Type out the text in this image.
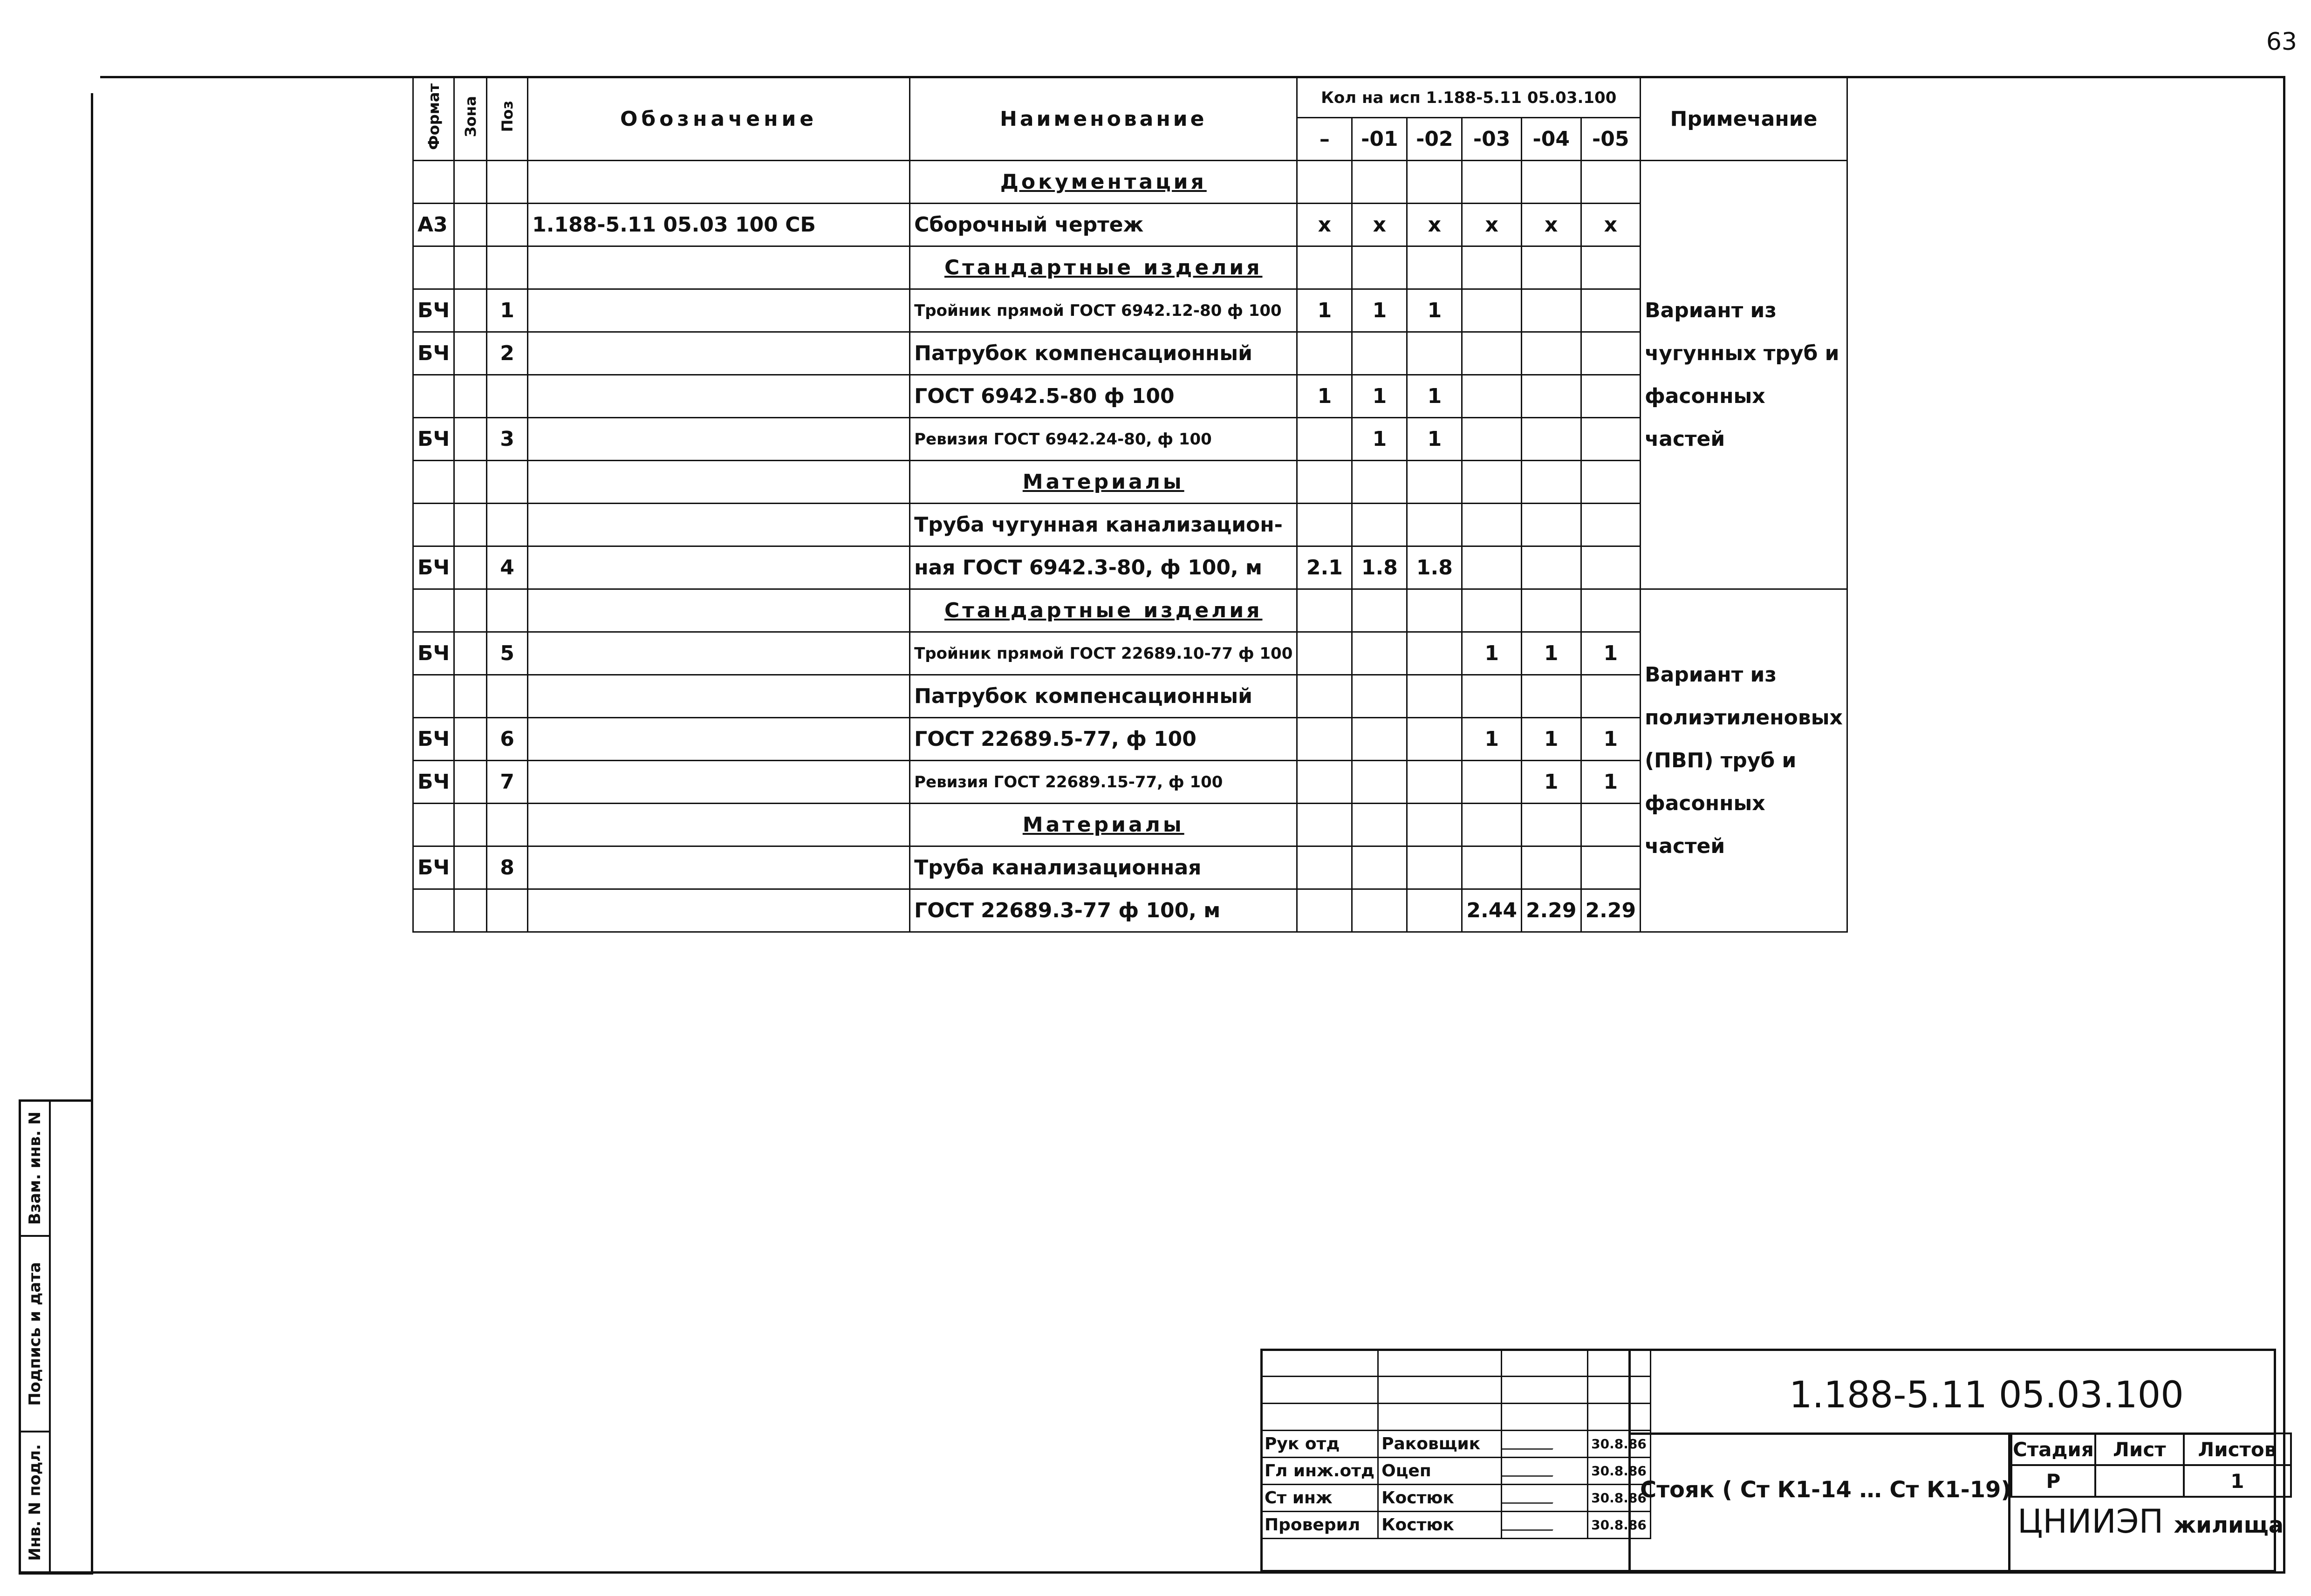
63
Формат	Зона	Поз	Обозначение	Наименование	Кол на исп 1.188-5.11 05.03.100						Примечание
					–	-01	-02	-03	-04	-05	
				Документация							Вариант из чугунных труб и фасонных частей
А3			1.188-5.11 05.03 100 СБ	Сборочный чертеж	x	x	x	x	x	x	
				Стандартные изделия							
БЧ		1		Тройник прямой ГОСТ 6942.12-80 ф 100	1	1	1				
БЧ		2		Патрубок компенсационный							
				ГОСТ 6942.5-80 ф 100	1	1	1				
БЧ		3		Ревизия ГОСТ 6942.24-80, ф 100		1	1				
				Материалы							
				Труба чугунная канализацион-							
БЧ		4		ная ГОСТ 6942.3-80, ф 100, м	2.1	1.8	1.8				
				Стандартные изделия							Вариант из полиэтиленовых (ПВП) труб и фасонных частей
БЧ		5		Тройник прямой ГОСТ 22689.10-77 ф 100				1	1	1	
				Патрубок компенсационный							
БЧ		6		ГОСТ 22689.5-77, ф 100				1	1	1	
БЧ		7		Ревизия ГОСТ 22689.15-77, ф 100					1	1	
				Материалы							
БЧ		8		Труба канализационная							
				ГОСТ 22689.3-77 ф 100, м				2.44	2.29	2.29	
1.188-5.11 05.03.100
Стояк ( Ст К1-14 … Ст К1-19)

Рук отд	Раковщик		30.8.86
Гл инж.отд	Оцеп		30.8.86
Ст инж	Костюк		30.8.86
Проверил	Костюк		30.8.86
Стадия	Лист	Листов
Р		1
ЦНИИЭП жилища
Взам. инв. N
Подпись и дата
Инв. N подл.
